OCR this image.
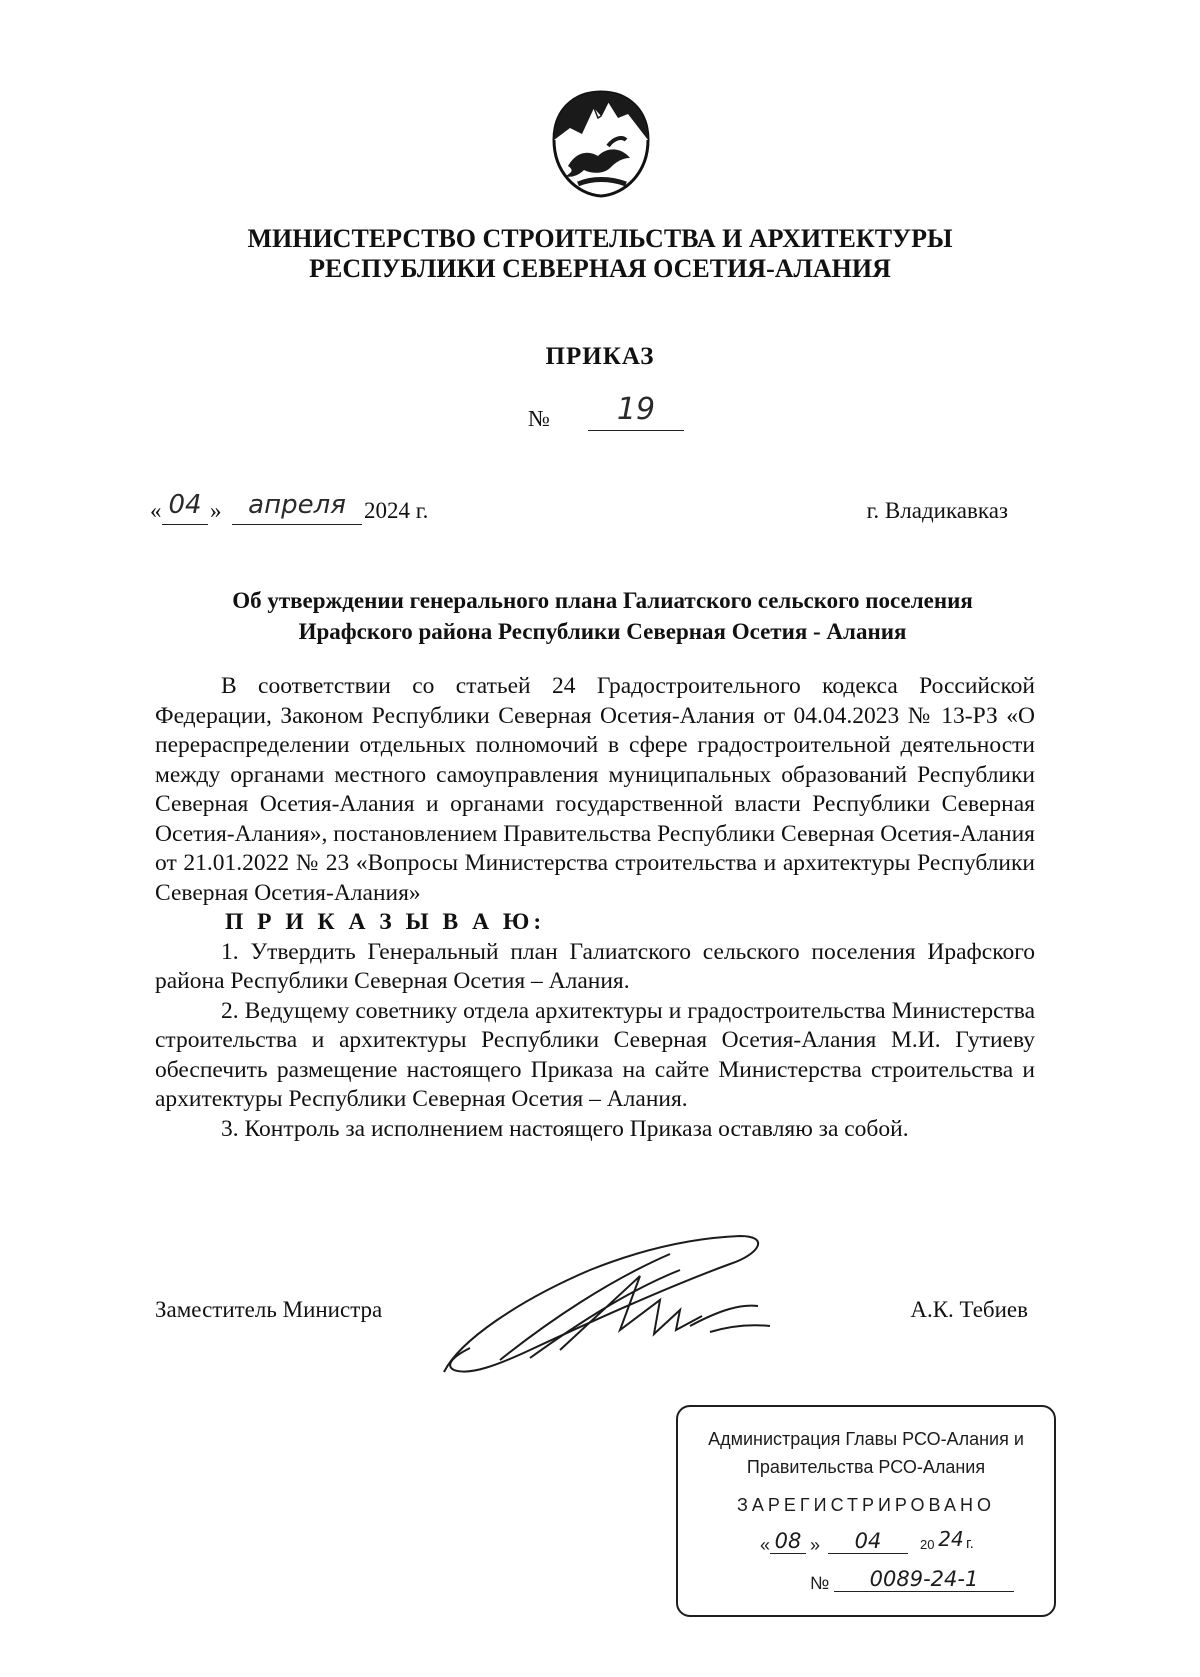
МИНИСТЕРСТВО СТРОИТЕЛЬСТВА И АРХИТЕКТУРЫ
РЕСПУБЛИКИ СЕВЕРНАЯ ОСЕТИЯ-АЛАНИЯ
ПРИКАЗ
№	19
« 04 »	апреля 2024 г.	г. Владикавказ
Об утверждении генерального плана Галиатского сельского поселения
Ирафского района Республики Северная Осетия - Алания

В соответствии со статьей 24 Градостроительного кодекса Российской Федерации, Законом Республики Северная Осетия-Алания от 04.04.2023 № 13-РЗ «О перераспределении отдельных полномочий в сфере градостроительной деятельности между органами местного самоуправления муниципальных образований Республики Северная Осетия-Алания и органами государственной власти Республики Северная Осетия-Алания», постановлением Правительства Республики Северная Осетия-Алания от 21.01.2022 № 23 «Вопросы Министерства строительства и архитектуры Республики Северная Осетия-Алания»

П Р И К А З Ы В А Ю:

1. Утвердить Генеральный план Галиатского сельского поселения Ирафского района Республики Северная Осетия – Алания.

2. Ведущему советнику отдела архитектуры и градостроительства Министерства строительства и архитектуры Республики Северная Осетия-Алания М.И. Гутиеву обеспечить размещение настоящего Приказа на сайте Министерства строительства и архитектуры Республики Северная Осетия – Алания.

3. Контроль за исполнением настоящего Приказа оставляю за собой.

Заместитель Министра	А.К. Тебиев
Администрация Главы РСО-Алания и
Правительства РСО-Алания
ЗАРЕГИСТРИРОВАНО
« 08 »	04	20 24 г.
№	0089-24-1
